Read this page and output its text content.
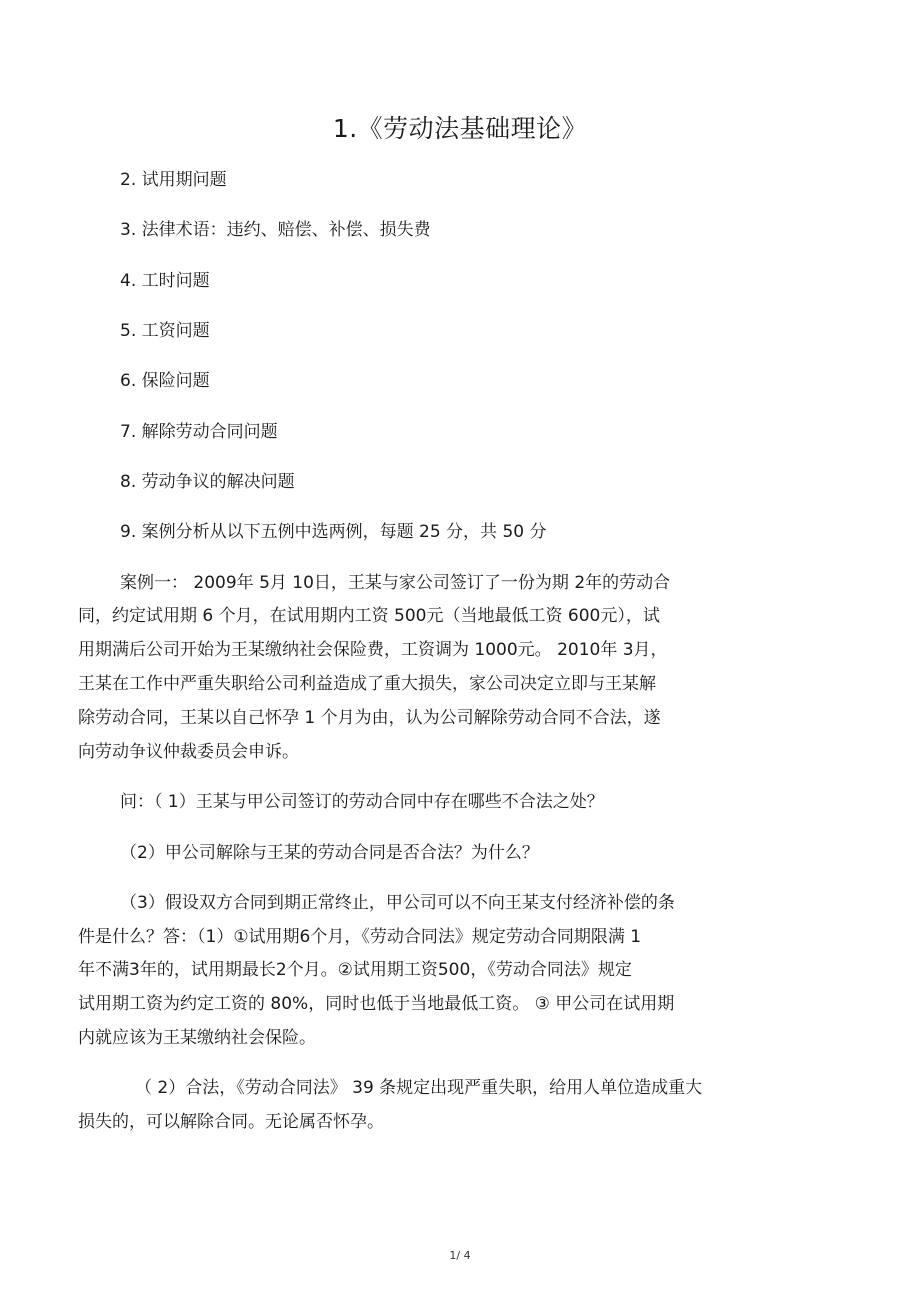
1.《劳动法基础理论》
2. 试用期问题
3. 法律术语：违约、赔偿、补偿、损失费
4. 工时问题
5. 工资问题
6. 保险问题
7. 解除劳动合同问题
8. 劳动争议的解决问题
9. 案例分析从以下五例中选两例，每题 25 分，共 50 分
案例一： 2009年 5月 10日，王某与家公司签订了一份为期 2年的劳动合
同，约定试用期 6 个月，在试用期内工资 500元（当地最低工资 600元），试
用期满后公司开始为王某缴纳社会保险费，工资调为 1000元。 2010年 3月，
王某在工作中严重失职给公司利益造成了重大损失，家公司决定立即与王某解
除劳动合同，王某以自己怀孕 1 个月为由，认为公司解除劳动合同不合法，遂
向劳动争议仲裁委员会申诉。
问：（ 1）王某与甲公司签订的劳动合同中存在哪些不合法之处？
（2）甲公司解除与王某的劳动合同是否合法？为什么？
（3）假设双方合同到期正常终止，甲公司可以不向王某支付经济补偿的条
件是什么？答：（1）①试用期6个月，《劳动合同法》规定劳动合同期限满 1
年不满3年的，试用期最长2个月。②试用期工资500，《劳动合同法》规定
试用期工资为约定工资的 80%，同时也低于当地最低工资。 ③ 甲公司在试用期
内就应该为王某缴纳社会保险。
（ 2）合法，《劳动合同法》 39 条规定出现严重失职，给用人单位造成重大
损失的，可以解除合同。无论属否怀孕。
1/ 4
